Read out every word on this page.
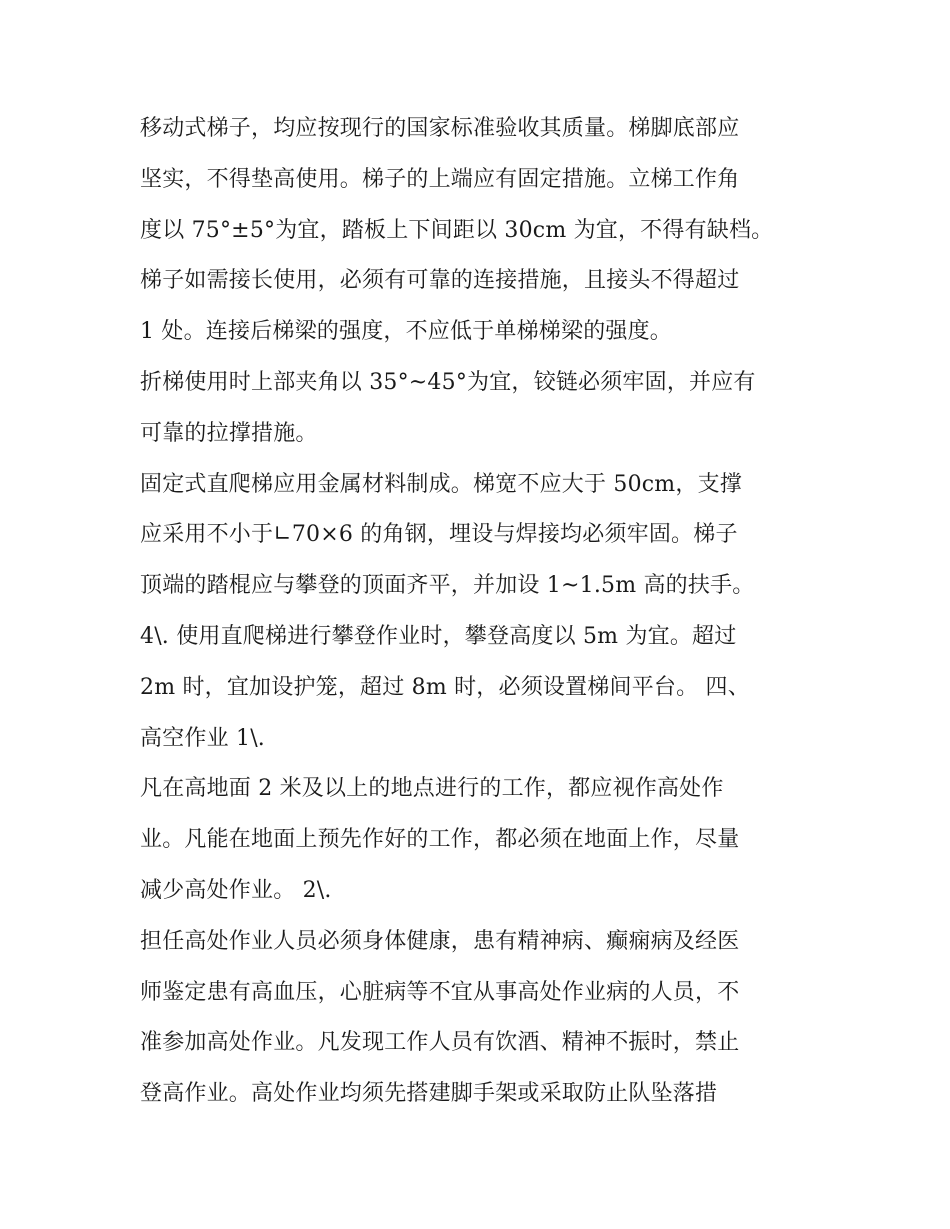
移动式梯子，均应按现行的国家标准验收其质量。梯脚底部应
坚实，不得垫高使用。梯子的上端应有固定措施。立梯工作角
度以 75°±5°为宜，踏板上下间距以 30cm 为宜，不得有缺档。
梯子如需接长使用，必须有可靠的连接措施，且接头不得超过
1 处。连接后梯梁的强度，不应低于单梯梯梁的强度。
折梯使用时上部夹角以 35°~45°为宜，铰链必须牢固，并应有
可靠的拉撑措施。
固定式直爬梯应用金属材料制成。梯宽不应大于 50cm，支撑
应采用不小于∟70×6 的角钢，埋设与焊接均必须牢固。梯子
顶端的踏棍应与攀登的顶面齐平，并加设 1~1.5m 高的扶手。
4\. 使用直爬梯进行攀登作业时，攀登高度以 5m 为宜。超过
2m 时，宜加设护笼，超过 8m 时，必须设置梯间平台。 四、
高空作业 1\.
凡在高地面 2 米及以上的地点进行的工作，都应视作高处作
业。凡能在地面上预先作好的工作，都必须在地面上作，尽量
减少高处作业。 2\.
担任高处作业人员必须身体健康，患有精神病、癫痫病及经医
师鉴定患有高血压，心脏病等不宜从事高处作业病的人员，不
准参加高处作业。凡发现工作人员有饮酒、精神不振时，禁止
登高作业。高处作业均须先搭建脚手架或采取防止队坠落措
